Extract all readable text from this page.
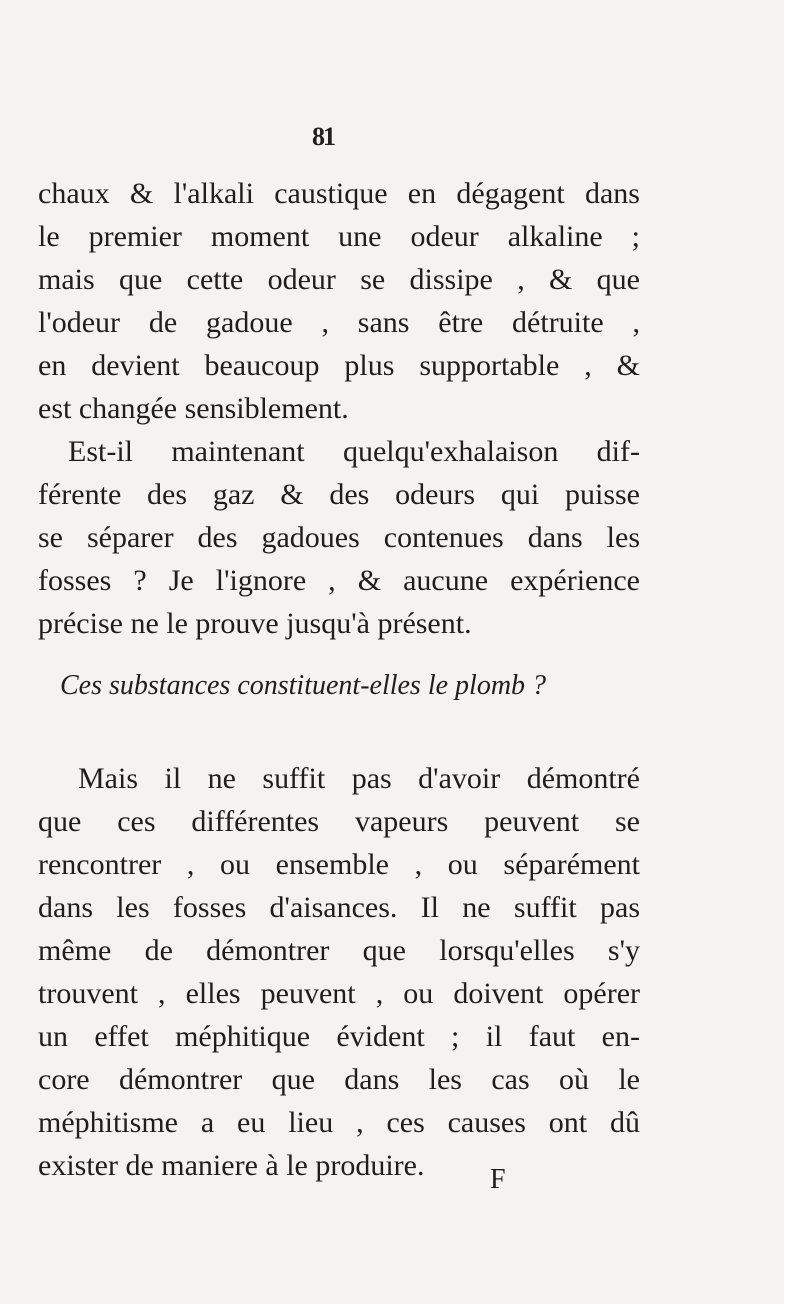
81

chaux & l'alkali caustique en dégagent dans

le premier moment une odeur alkaline ;

mais que cette odeur se dissipe , & que

l'odeur de gadoue , sans être détruite ,

en devient beaucoup plus supportable , &

est changée sensiblement.

Est-il maintenant quelqu'exhalaison dif-

férente des gaz & des odeurs qui puisse

se séparer des gadoues contenues dans les

fosses ? Je l'ignore , & aucune expérience

précise ne le prouve jusqu'à présent.

Ces substances constituent-elles le plomb ?

Mais il ne suffit pas d'avoir démontré

que ces différentes vapeurs peuvent se

rencontrer , ou ensemble , ou séparément

dans les fosses d'aisances. Il ne suffit pas

même de démontrer que lorsqu'elles s'y

trouvent , elles peuvent , ou doivent opérer

un effet méphitique évident ; il faut en-

core démontrer que dans les cas où le

méphitisme a eu lieu , ces causes ont dû

exister de maniere à le produire.	F
